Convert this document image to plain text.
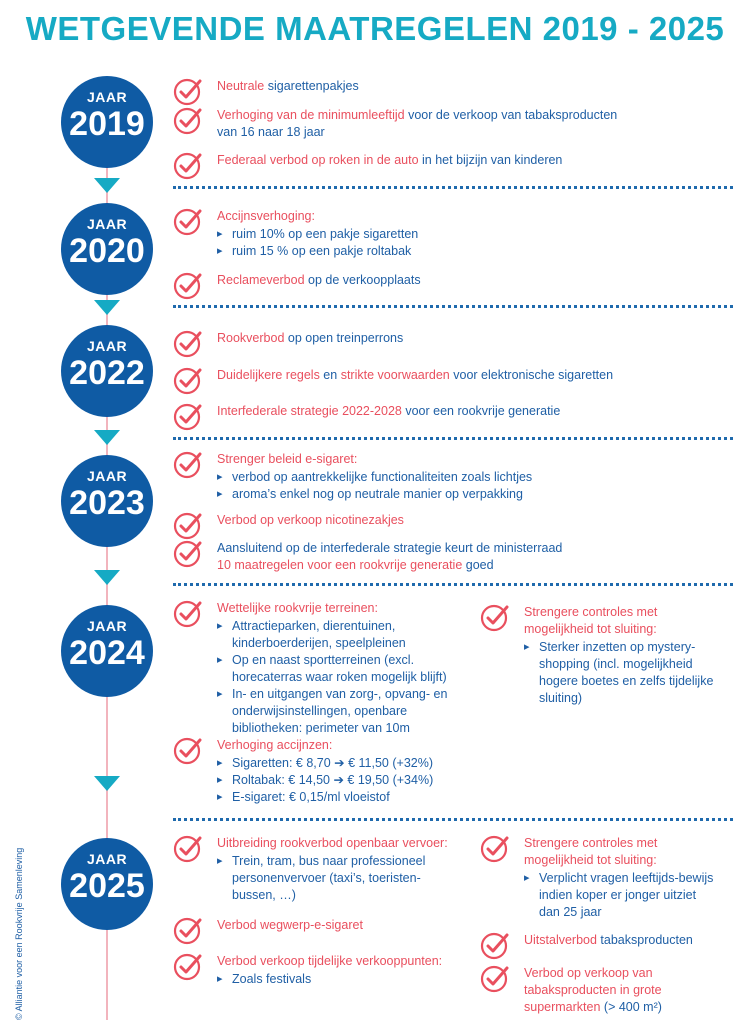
WETGEVENDE MAATREGELEN 2019 - 2025
JAAR
2019
JAAR
2020
JAAR
2022
JAAR
2023
JAAR
2024
JAAR
2025
Neutrale sigarettenpakjes
Verhoging van de minimumleeftijd voor de verkoop van tabaksproducten
van 16 naar 18 jaar
Federaal verbod op roken in de auto in het bijzijn van kinderen
Accijnsverhoging:
▸ ruim 10% op een pakje sigaretten
▸ ruim 15 % op een pakje roltabak
Reclameverbod op de verkoopplaats
Rookverbod op open treinperrons
Duidelijkere regels en strikte voorwaarden voor elektronische sigaretten
Interfederale strategie 2022-2028 voor een rookvrije generatie
Strenger beleid e-sigaret:
▸ verbod op aantrekkelijke functionaliteiten zoals lichtjes
▸ aroma’s enkel nog op neutrale manier op verpakking
Verbod op verkoop nicotinezakjes
Aansluitend op de interfederale strategie keurt de ministerraad
10 maatregelen voor een rookvrije generatie goed
Wettelijke rookvrije terreinen:
▸ Attractieparken, dierentuinen, kinderboerderijen, speelpleinen
▸ Op en naast sportterreinen (excl. horecaterras waar roken mogelijk blijft)
▸ In- en uitgangen van zorg-, opvang- en onderwijsinstellingen, openbare bibliotheken: perimeter van 10m
Verhoging accijnzen:
▸ Sigaretten: € 8,70 ➔ € 11,50 (+32%)
▸ Roltabak: € 14,50 ➔ € 19,50 (+34%)
▸ E-sigaret: € 0,15/ml vloeistof
Strengere controles met mogelijkheid tot sluiting:
▸ Sterker inzetten op mystery-shopping (incl. mogelijkheid hogere boetes en zelfs tijdelijke sluiting)
Uitbreiding rookverbod openbaar vervoer:
▸ Trein, tram, bus naar professioneel personenvervoer (taxi’s, toeristen-bussen, …)
Verbod wegwerp-e-sigaret
Verbod verkoop tijdelijke verkooppunten:
▸ Zoals festivals
Strengere controles met mogelijkheid tot sluiting:
▸ Verplicht vragen leeftijds-bewijs indien koper er jonger uitziet dan 25 jaar
Uitstalverbod tabaksproducten
Verbod op verkoop van tabaksproducten in grote supermarkten (> 400 m²)
© Alliantie voor een Rookvrije Samenleving
